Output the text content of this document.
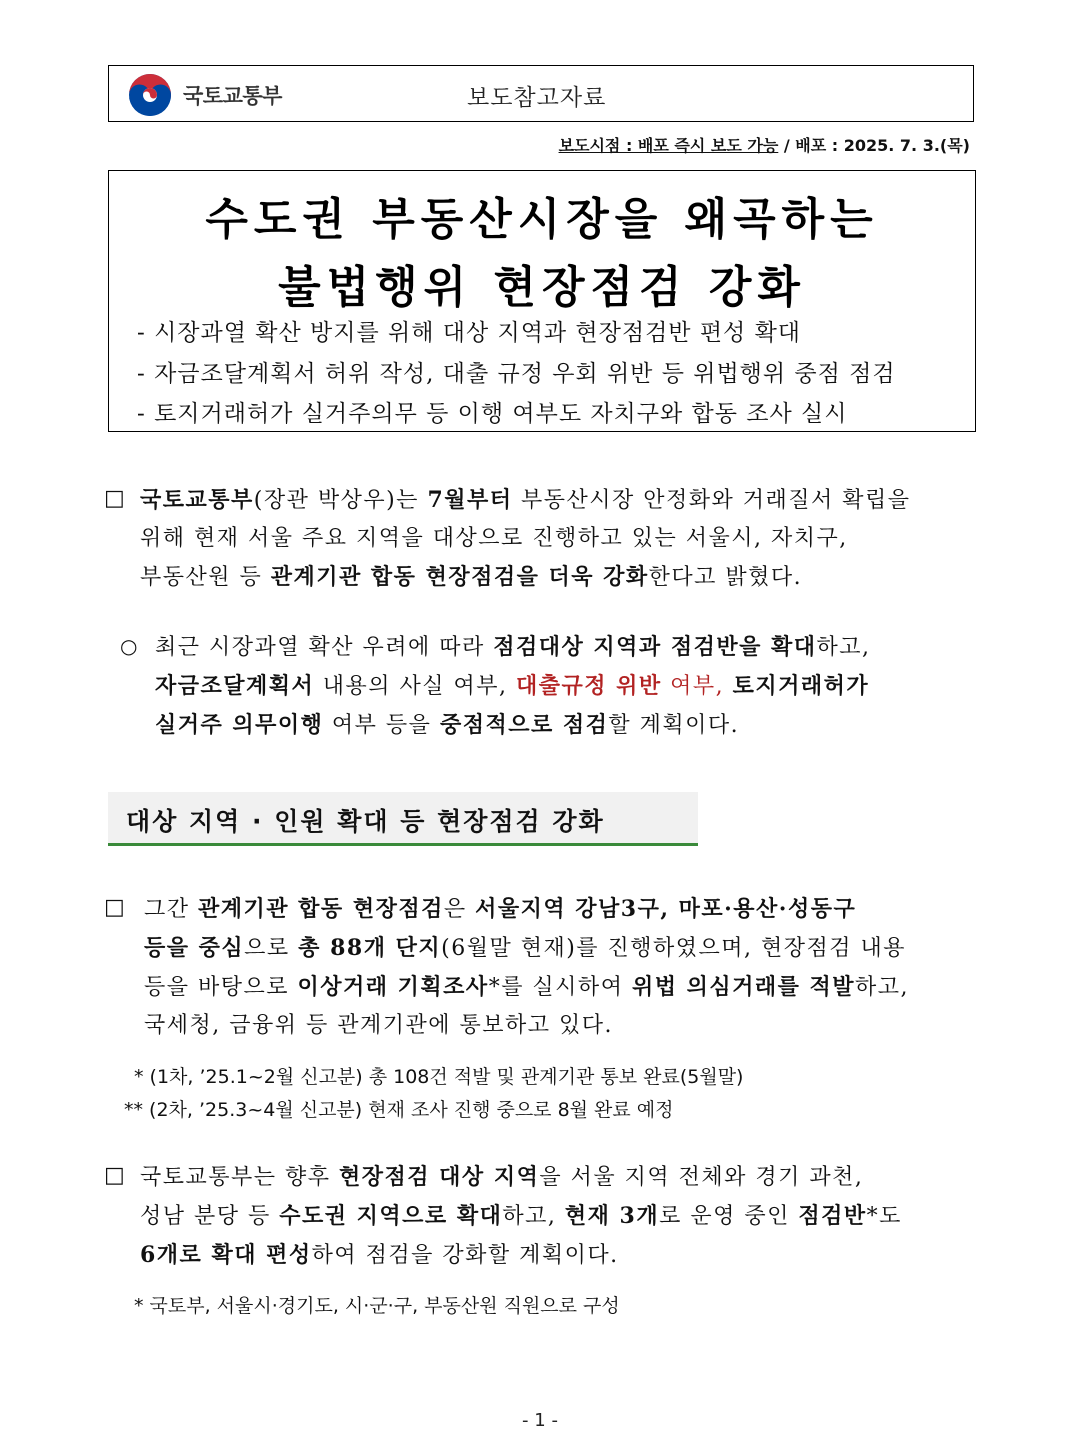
국토교통부	보도참고자료
보도시점 : 배포 즉시 보도 가능 / 배포 : 2025. 7. 3.(목)
수도권 부동산시장을 왜곡하는
불법행위 현장점검 강화
- 시장과열 확산 방지를 위해 대상 지역과 현장점검반 편성 확대
- 자금조달계획서 허위 작성, 대출 규정 우회 위반 등 위법행위 중점 점검
- 토지거래허가 실거주의무 등 이행 여부도 자치구와 합동 조사 실시
□ 국토교통부(장관 박상우)는 7월부터 부동산시장 안정화와 거래질서 확립을
위해 현재 서울 주요 지역을 대상으로 진행하고 있는 서울시, 자치구,
부동산원 등 관계기관 합동 현장점검을 더욱 강화한다고 밝혔다.
○ 최근 시장과열 확산 우려에 따라 점검대상 지역과 점검반을 확대하고,
자금조달계획서 내용의 사실 여부, 대출규정 위반 여부, 토지거래허가
실거주 의무이행 여부 등을 중점적으로 점검할 계획이다.
대상 지역 · 인원 확대 등 현장점검 강화
□ 그간 관계기관 합동 현장점검은 서울지역 강남3구, 마포·용산·성동구
등을 중심으로 총 88개 단지(6월말 현재)를 진행하였으며, 현장점검 내용
등을 바탕으로 이상거래 기획조사*를 실시하여 위법 의심거래를 적발하고,
국세청, 금융위 등 관계기관에 통보하고 있다.
* (1차, ’25.1~2월 신고분) 총 108건 적발 및 관계기관 통보 완료(5월말)
** (2차, ’25.3~4월 신고분) 현재 조사 진행 중으로 8월 완료 예정
□ 국토교통부는 향후 현장점검 대상 지역을 서울 지역 전체와 경기 과천,
성남 분당 등 수도권 지역으로 확대하고, 현재 3개로 운영 중인 점검반*도
6개로 확대 편성하여 점검을 강화할 계획이다.
* 국토부, 서울시·경기도, 시·군·구, 부동산원 직원으로 구성
- 1 -
